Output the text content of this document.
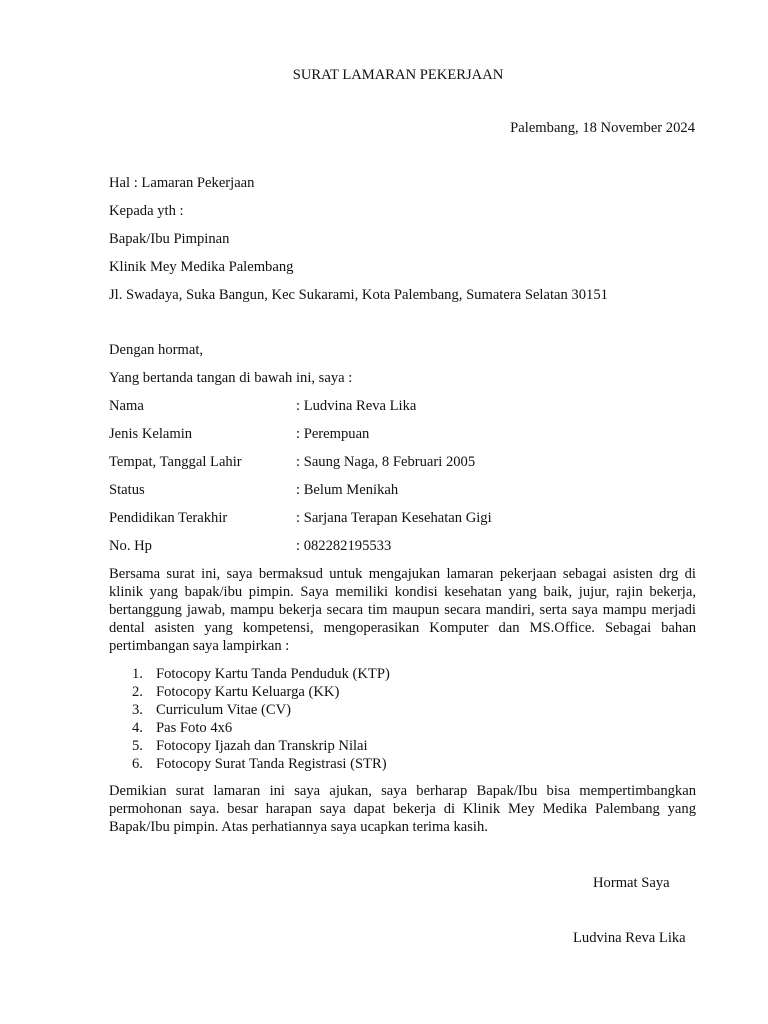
SURAT LAMARAN PEKERJAAN
Palembang, 18 November 2024
Hal : Lamaran Pekerjaan
Kepada yth :
Bapak/Ibu Pimpinan
Klinik Mey Medika Palembang
Jl. Swadaya, Suka Bangun, Kec Sukarami, Kota Palembang, Sumatera Selatan 30151
Dengan hormat,
Yang bertanda tangan di bawah ini, saya :
Nama	: Ludvina Reva Lika
Jenis Kelamin	: Perempuan
Tempat, Tanggal Lahir	: Saung Naga, 8 Februari 2005
Status	: Belum Menikah
Pendidikan Terakhir	: Sarjana Terapan Kesehatan Gigi
No. Hp	: 082282195533
Bersama surat ini, saya bermaksud untuk mengajukan lamaran pekerjaan sebagai asisten drg di klinik yang bapak/ibu pimpin. Saya memiliki kondisi kesehatan yang baik, jujur, rajin bekerja, bertanggung jawab, mampu bekerja secara tim maupun secara mandiri, serta saya mampu merjadi dental asisten yang kompetensi, mengoperasikan Komputer dan MS.Office. Sebagai bahan pertimbangan saya lampirkan :
1. Fotocopy Kartu Tanda Penduduk (KTP)
2. Fotocopy Kartu Keluarga (KK)
3. Curriculum Vitae (CV)
4. Pas Foto 4x6
5. Fotocopy Ijazah dan Transkrip Nilai
6. Fotocopy Surat Tanda Registrasi (STR)
Demikian surat lamaran ini saya ajukan, saya berharap Bapak/Ibu bisa mempertimbangkan permohonan saya. besar harapan saya dapat bekerja di Klinik Mey Medika Palembang yang Bapak/Ibu pimpin. Atas perhatiannya saya ucapkan terima kasih.
Hormat Saya
Ludvina Reva Lika
